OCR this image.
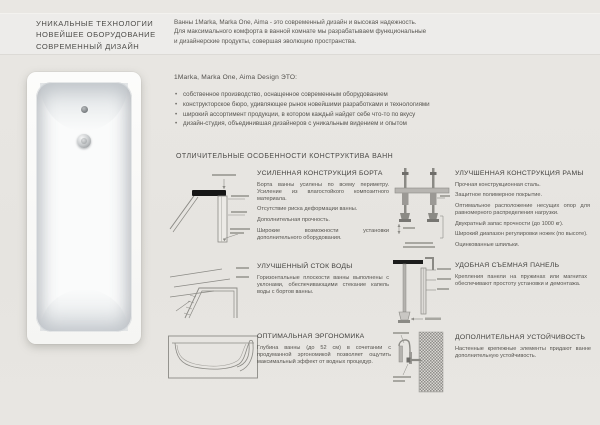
УНИКАЛЬНЫЕ ТЕХНОЛОГИИ
НОВЕЙШЕЕ ОБОРУДОВАНИЕ
СОВРЕМЕННЫЙ ДИЗАЙН
Ванны 1Marka, Marka One, Aima - это современный дизайн и высокая надежность.
Для максимального комфорта в ванной комнате мы разрабатываем функциональные
и дизайнерские продукты, совершая эволюцию пространства.
1Marka, Marka One, Aima Design ЭТО:
• собственное производство, оснащенное современным оборудованием
• конструкторское бюро, удивляющее рынок новейшими разработками и технологиями
• широкий ассортимент продукции, в котором каждый найдет себе что-то по вкусу
• дизайн-студия, объединившая дизайнеров с уникальным видением и опытом
ОТЛИЧИТЕЛЬНЫЕ ОСОБЕННОСТИ КОНСТРУКТИВА ВАНН
УСИЛЕННАЯ КОНСТРУКЦИЯ БОРТА

Борта ванны усилены по всему периметру. Усиление из влагостойкого композитного материала.

Отсутствие риска деформации ванны.

Дополнительная прочность.

Широкие возможности установки дополнительного оборудования.

УЛУЧШЕННАЯ КОНСТРУКЦИЯ РАМЫ

Прочная конструкционная сталь.

Защитное полимерное покрытие.

Оптимальное расположение несущих опор для равномерного распределения нагрузки.

Двукратный запас прочности (до 1000 кг).

Широкий диапазон регулировки ножек (по высоте).

Оцинкованные шпильки.

УЛУЧШЕННЫЙ СТОК ВОДЫ

Горизонтальные плоскости ванны выполнены с уклонами, обеспечивающими стекание капель воды с бортов ванны.

УДОБНАЯ СЪЕМНАЯ ПАНЕЛЬ

Крепления панели на пружинах или магнитах обеспечивают простоту установки и демонтажа.

ОПТИМАЛЬНАЯ ЭРГОНОМИКА

Глубина ванны (до 52 см) в сочетании с продуманной эргономикой позволяет ощутить максимальный эффект от водных процедур.

ДОПОЛНИТЕЛЬНАЯ УСТОЙЧИВОСТЬ

Настенные крепежные элементы придают ванне дополнительную устойчивость.
